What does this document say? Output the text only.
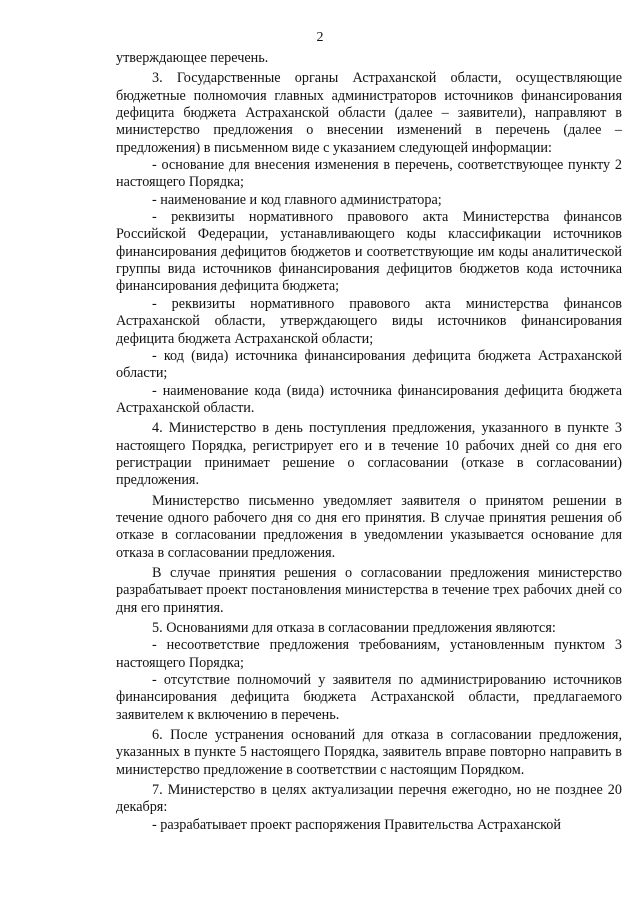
2

утверждающее перечень.

3. Государственные органы Астраханской области, осуществляющие бюджетные полномочия главных администраторов источников финансирования дефицита бюджета Астраханской области (далее – заявители), направляют в министерство предложения о внесении изменений в перечень (далее – предложения) в письменном виде с указанием следующей информации:

- основание для внесения изменения в перечень, соответствующее пункту 2 настоящего Порядка;

- наименование и код главного администратора;

- реквизиты нормативного правового акта Министерства финансов Российской Федерации, устанавливающего коды классификации источников финансирования дефицитов бюджетов и соответствующие им коды аналитической группы вида источников финансирования дефицитов бюджетов кода источника финансирования дефицита бюджета;

- реквизиты нормативного правового акта министерства финансов Астраханской области, утверждающего виды источников финансирования дефицита бюджета Астраханской области;

- код (вида) источника финансирования дефицита бюджета Астраханской области;

- наименование кода (вида) источника финансирования дефицита бюджета Астраханской области.

4. Министерство в день поступления предложения, указанного в пункте 3 настоящего Порядка, регистрирует его и в течение 10 рабочих дней со дня его регистрации принимает решение о согласовании (отказе в согласовании) предложения.

Министерство письменно уведомляет заявителя о принятом решении в течение одного рабочего дня со дня его принятия. В случае принятия решения об отказе в согласовании предложения в уведомлении указывается основание для отказа в согласовании предложения.

В случае принятия решения о согласовании предложения министерство разрабатывает проект постановления министерства в течение трех рабочих дней со дня его принятия.

5. Основаниями для отказа в согласовании предложения являются:

- несоответствие предложения требованиям, установленным пунктом 3 настоящего Порядка;

- отсутствие полномочий у заявителя по администрированию источников финансирования дефицита бюджета Астраханской области, предлагаемого заявителем к включению в перечень.

6. После устранения оснований для отказа в согласовании предложения, указанных в пункте 5 настоящего Порядка, заявитель вправе повторно направить в министерство предложение в соответствии с настоящим Порядком.

7. Министерство в целях актуализации перечня ежегодно, но не позднее 20 декабря:

- разрабатывает проект распоряжения Правительства Астраханской
